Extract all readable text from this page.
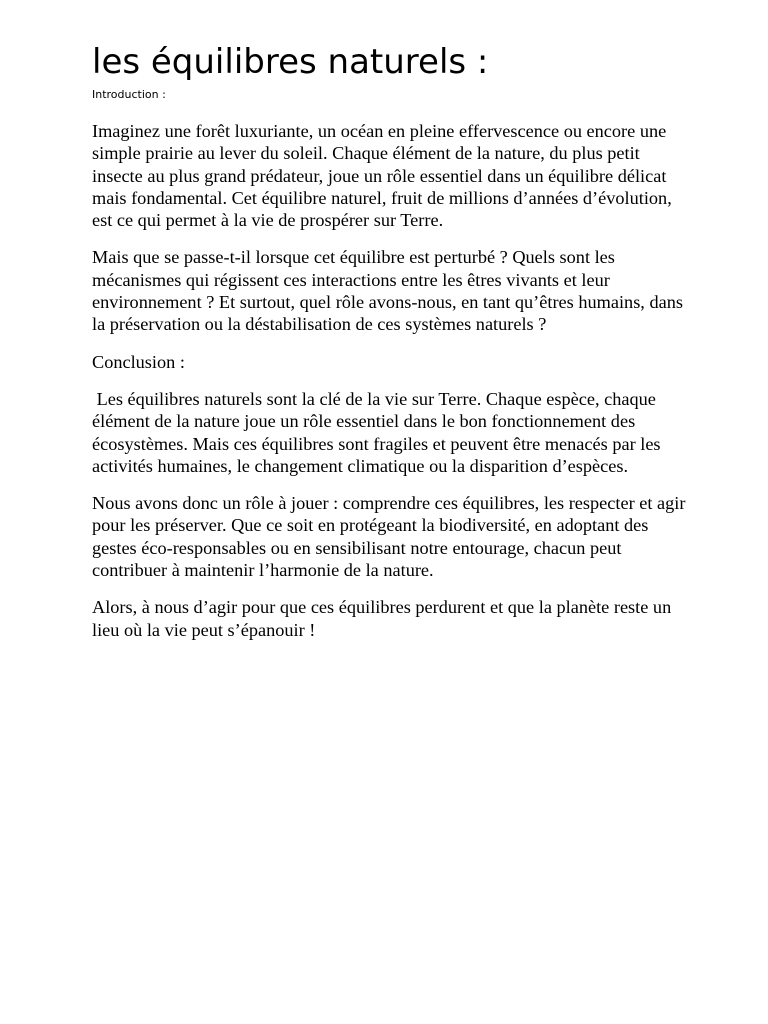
les équilibres naturels :
Introduction :

Imaginez une forêt luxuriante, un océan en pleine effervescence ou encore une simple prairie au lever du soleil. Chaque élément de la nature, du plus petit insecte au plus grand prédateur, joue un rôle essentiel dans un équilibre délicat mais fondamental. Cet équilibre naturel, fruit de millions d’années d’évolution, est ce qui permet à la vie de prospérer sur Terre.

Mais que se passe-t-il lorsque cet équilibre est perturbé ? Quels sont les mécanismes qui régissent ces interactions entre les êtres vivants et leur environnement ? Et surtout, quel rôle avons-nous, en tant qu’êtres humains, dans la préservation ou la déstabilisation de ces systèmes naturels ?

Conclusion :

Les équilibres naturels sont la clé de la vie sur Terre. Chaque espèce, chaque élément de la nature joue un rôle essentiel dans le bon fonctionnement des écosystèmes. Mais ces équilibres sont fragiles et peuvent être menacés par les activités humaines, le changement climatique ou la disparition d’espèces.

Nous avons donc un rôle à jouer : comprendre ces équilibres, les respecter et agir pour les préserver. Que ce soit en protégeant la biodiversité, en adoptant des gestes éco-responsables ou en sensibilisant notre entourage, chacun peut contribuer à maintenir l’harmonie de la nature.

Alors, à nous d’agir pour que ces équilibres perdurent et que la planète reste un lieu où la vie peut s’épanouir !
